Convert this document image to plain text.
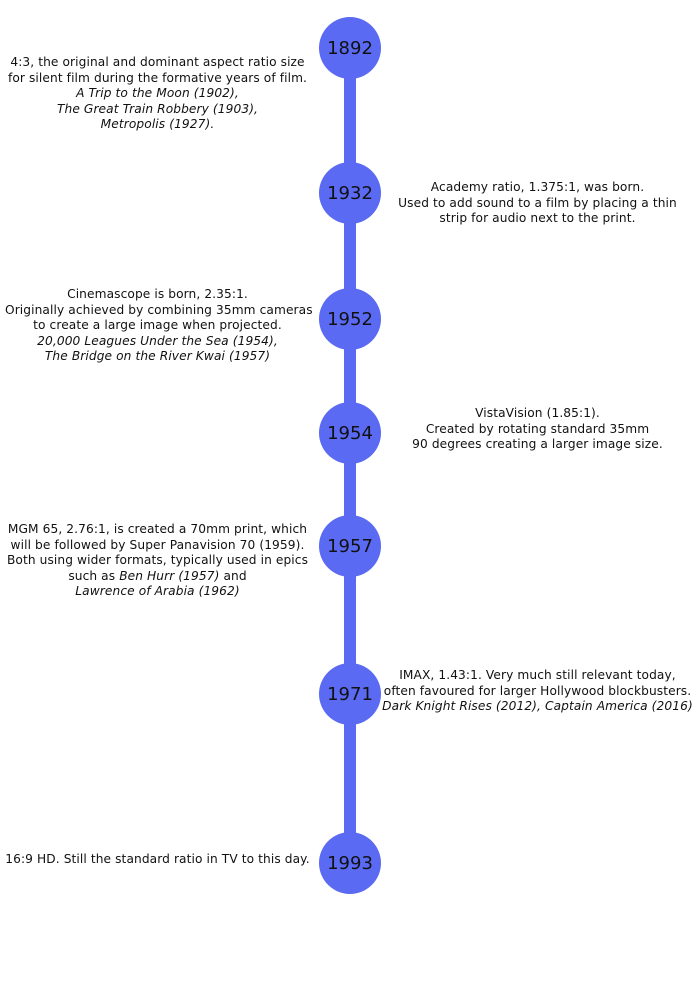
1892
4:3, the original and dominant aspect ratio size
for silent film during the formative years of film.
A Trip to the Moon (1902),
The Great Train Robbery (1903),
Metropolis (1927).
1932	Academy ratio, 1.375:1, was born.
Used to add sound to a film by placing a thin
strip for audio next to the print.
1952
Cinemascope is born, 2.35:1.
Originally achieved by combining 35mm cameras
to create a large image when projected.
20,000 Leagues Under the Sea (1954),
The Bridge on the River Kwai (1957)
1954
VistaVision (1.85:1).
Created by rotating standard 35mm
90 degrees creating a larger image size.
1957
MGM 65, 2.76:1, is created a 70mm print, which
will be followed by Super Panavision 70 (1959).
Both using wider formats, typically used in epics
such as Ben Hurr (1957) and
Lawrence of Arabia (1962)
1971
IMAX, 1.43:1. Very much still relevant today,
often favoured for larger Hollywood blockbusters.
Dark Knight Rises (2012), Captain America (2016)
1993
16:9 HD. Still the standard ratio in TV to this day.
